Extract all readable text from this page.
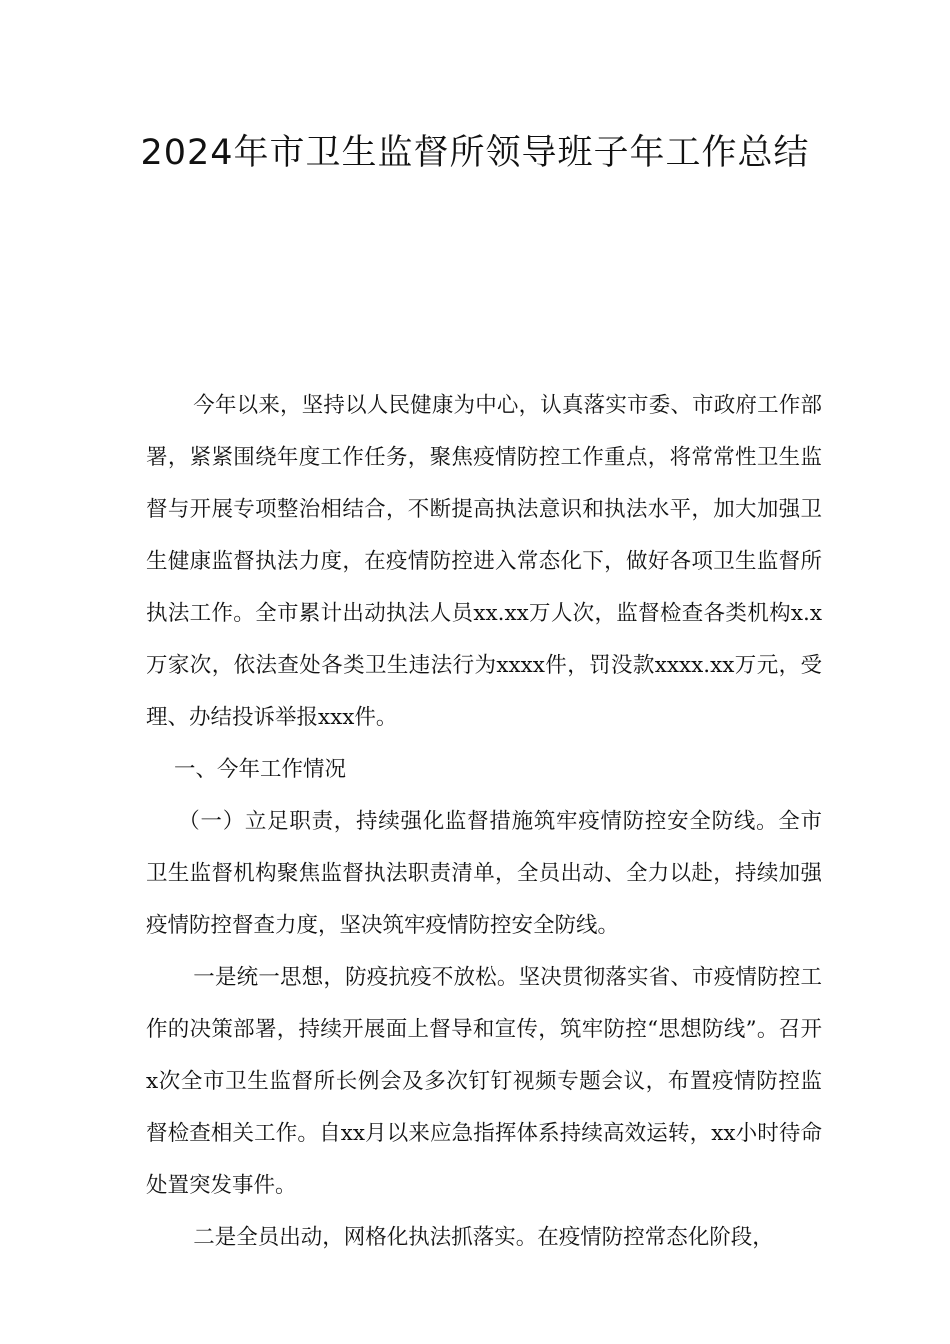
2024年市卫生监督所领导班子年工作总结

今年以来，坚持以人民健康为中心，认真落实市委、市政府工作部署，紧紧围绕年度工作任务，聚焦疫情防控工作重点，将常常性卫生监督与开展专项整治相结合，不断提高执法意识和执法水平，加大加强卫生健康监督执法力度，在疫情防控进入常态化下，做好各项卫生监督所执法工作。全市累计出动执法人员xx.xx万人次，监督检查各类机构x.x万家次，依法查处各类卫生违法行为xxxx件，罚没款xxxx.xx万元，受理、办结投诉举报xxx件。

一、今年工作情况

（一）立足职责，持续强化监督措施筑牢疫情防控安全防线。全市卫生监督机构聚焦监督执法职责清单，全员出动、全力以赴，持续加强疫情防控督查力度，坚决筑牢疫情防控安全防线。

一是统一思想，防疫抗疫不放松。坚决贯彻落实省、市疫情防控工作的决策部署，持续开展面上督导和宣传，筑牢防控“思想防线”。召开x次全市卫生监督所长例会及多次钉钉视频专题会议，布置疫情防控监督检查相关工作。自xx月以来应急指挥体系持续高效运转，xx小时待命处置突发事件。

二是全员出动，网格化执法抓落实。在疫情防控常态化阶段，
